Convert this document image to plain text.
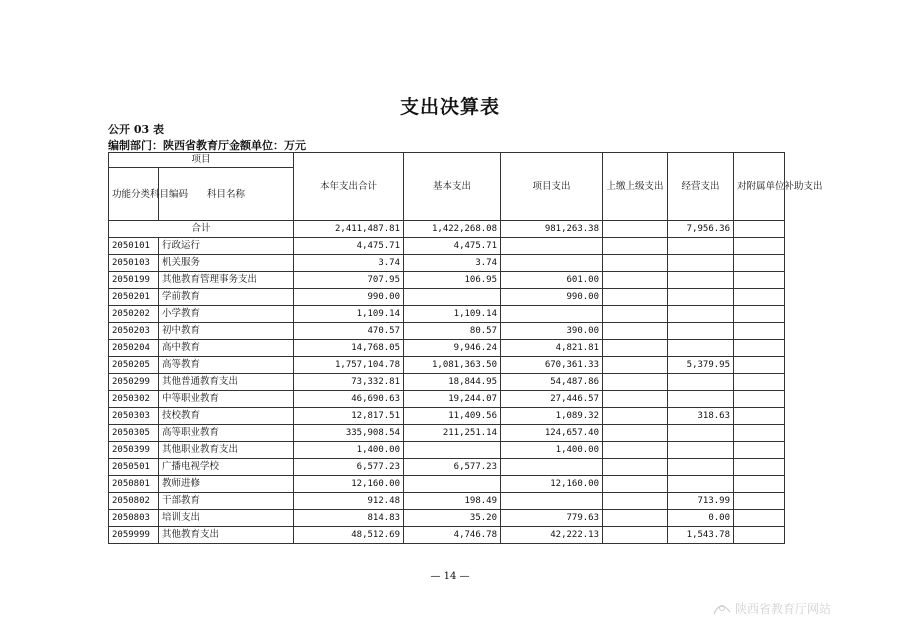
支出决算表
公开 03 表
编制部门：陕西省教育厅金额单位：万元
项目		本年支出合计	基本支出	项目支出	上缴上级支出	经营支出	对附属单位补助支出
功能分类科目编码	科目名称						
合计		2,411,487.81	1,422,268.08	981,263.38		7,956.36	
2050101	行政运行	4,475.71	4,475.71				
2050103	机关服务	3.74	3.74				
2050199	其他教育管理事务支出	707.95	106.95	601.00			
2050201	学前教育	990.00		990.00			
2050202	小学教育	1,109.14	1,109.14				
2050203	初中教育	470.57	80.57	390.00			
2050204	高中教育	14,768.05	9,946.24	4,821.81			
2050205	高等教育	1,757,104.78	1,081,363.50	670,361.33		5,379.95	
2050299	其他普通教育支出	73,332.81	18,844.95	54,487.86			
2050302	中等职业教育	46,690.63	19,244.07	27,446.57			
2050303	技校教育	12,817.51	11,409.56	1,089.32		318.63	
2050305	高等职业教育	335,908.54	211,251.14	124,657.40			
2050399	其他职业教育支出	1,400.00		1,400.00			
2050501	广播电视学校	6,577.23	6,577.23				
2050801	教师进修	12,160.00		12,160.00			
2050802	干部教育	912.48	198.49			713.99	
2050803	培训支出	814.83	35.20	779.63		0.00	
2059999	其他教育支出	48,512.69	4,746.78	42,222.13		1,543.78	
— 14 —
陕西省教育厅网站
